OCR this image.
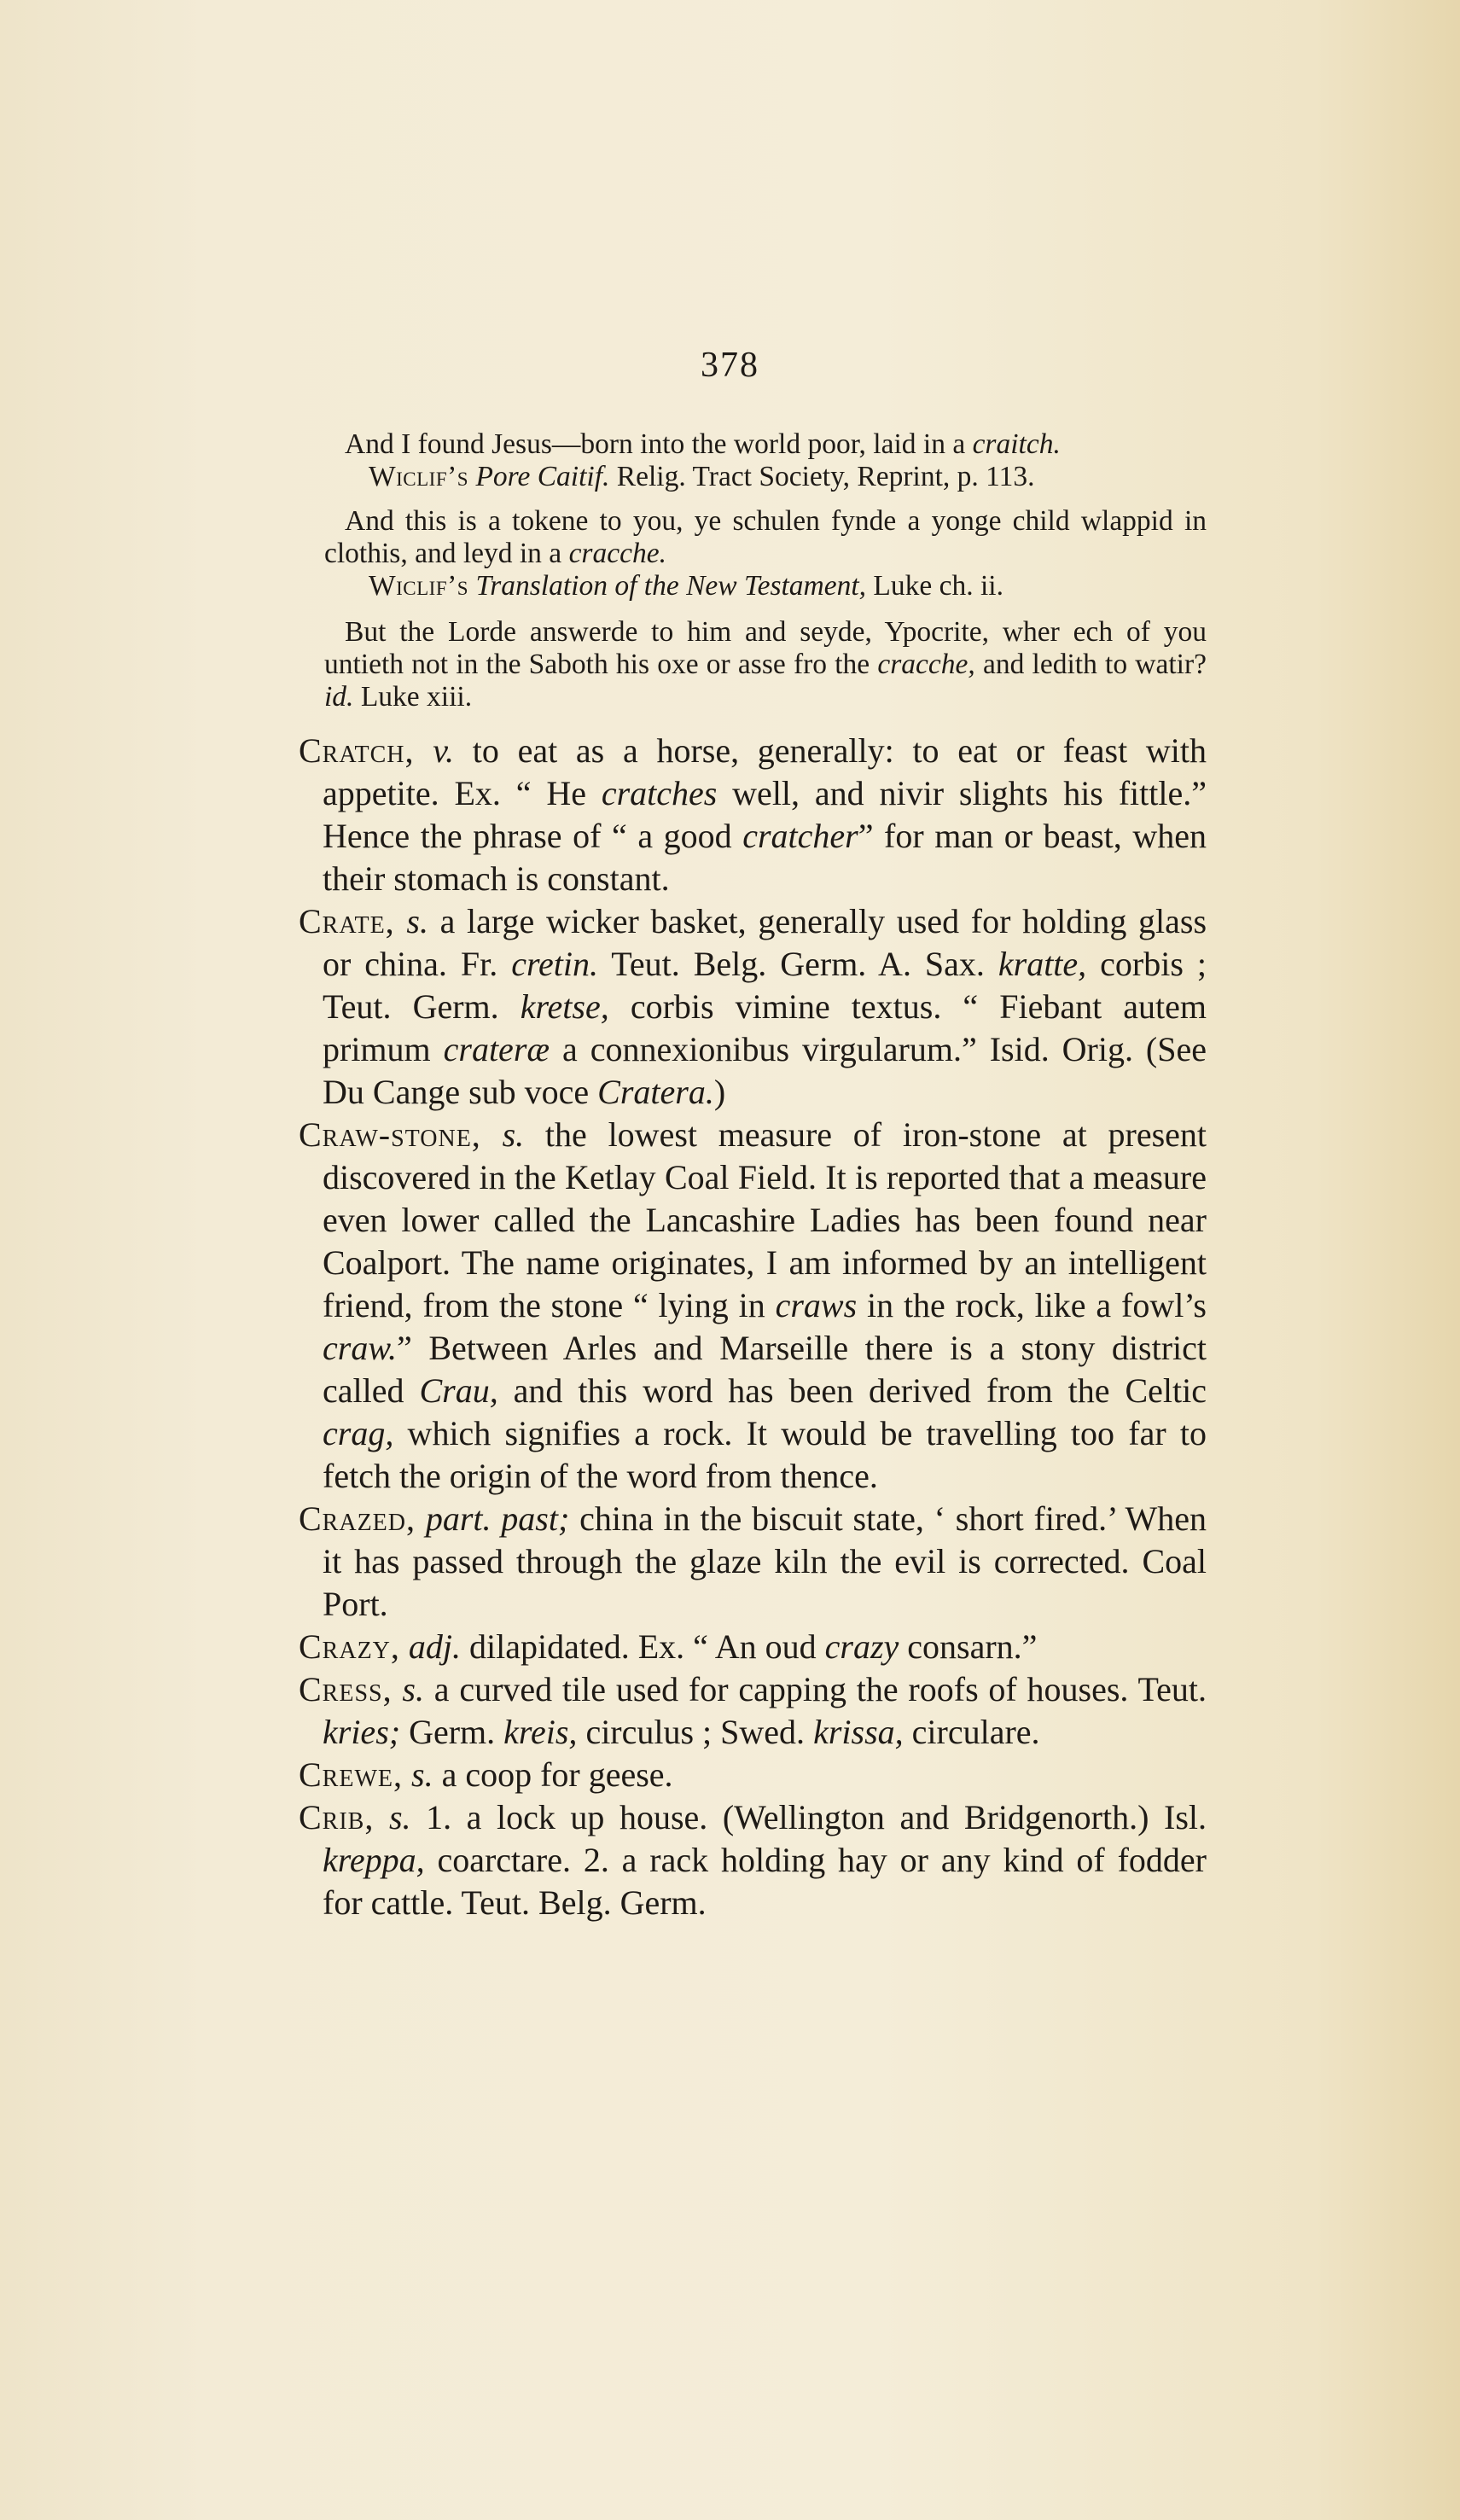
378

And I found Jesus—born into the world poor, laid in a craitch.

Wiclif’s Pore Caitif. Relig. Tract Society, Reprint, p. 113.

And this is a tokene to you, ye schulen fynde a yonge child wlappid in clothis, and leyd in a cracche.

Wiclif’s Translation of the New Testament, Luke ch. ii.

But the Lorde answerde to him and seyde, Ypocrite, wher ech of you untieth not in the Saboth his oxe or asse fro the cracche, and ledith to watir? id. Luke xiii.

Cratch, v. to eat as a horse, generally: to eat or feast with appetite. Ex. “ He cratches well, and nivir slights his fittle.” Hence the phrase of “ a good cratcher” for man or beast, when their stomach is constant.

Crate, s. a large wicker basket, generally used for holding glass or china. Fr. cretin. Teut. Belg. Germ. A. Sax. kratte, corbis ; Teut. Germ. kretse, corbis vimine textus. “ Fiebant autem primum crateræ a connexionibus virgularum.” Isid. Orig. (See Du Cange sub voce Cratera.)

Craw-stone, s. the lowest measure of iron-stone at present discovered in the Ketlay Coal Field. It is reported that a measure even lower called the Lancashire Ladies has been found near Coalport. The name originates, I am informed by an intelligent friend, from the stone “ lying in craws in the rock, like a fowl’s craw.” Between Arles and Marseille there is a stony district called Crau, and this word has been derived from the Celtic crag, which signifies a rock. It would be travelling too far to fetch the origin of the word from thence.

Crazed, part. past; china in the biscuit state, ‘ short fired.’ When it has passed through the glaze kiln the evil is corrected. Coal Port.

Crazy, adj. dilapidated. Ex. “ An oud crazy consarn.”

Cress, s. a curved tile used for capping the roofs of houses. Teut. kries; Germ. kreis, circulus ; Swed. krissa, circulare.

Crewe, s. a coop for geese.

Crib, s. 1. a lock up house. (Wellington and Bridgenorth.) Isl. kreppa, coarctare. 2. a rack holding hay or any kind of fodder for cattle. Teut. Belg. Germ.
